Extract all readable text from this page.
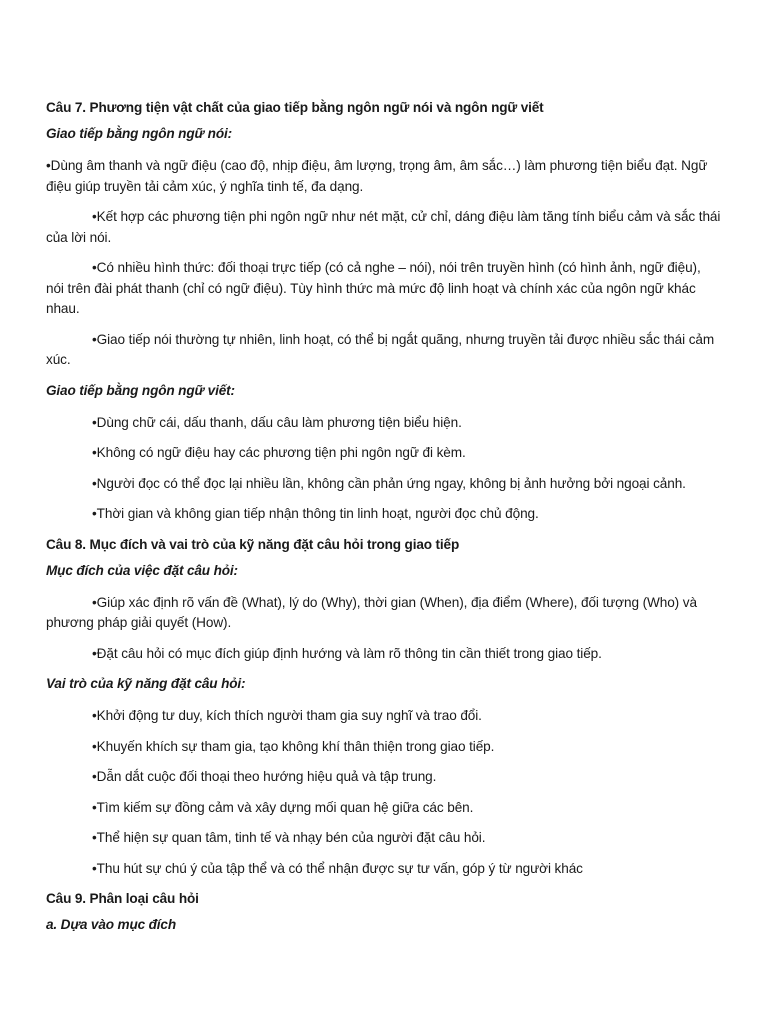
Câu 7. Phương tiện vật chất của giao tiếp bằng ngôn ngữ nói và ngôn ngữ viết

Giao tiếp bằng ngôn ngữ nói:

•Dùng âm thanh và ngữ điệu (cao độ, nhịp điệu, âm lượng, trọng âm, âm sắc…) làm phương tiện biểu đạt. Ngữ điệu giúp truyền tải cảm xúc, ý nghĩa tinh tế, đa dạng.

•Kết hợp các phương tiện phi ngôn ngữ như nét mặt, cử chỉ, dáng điệu làm tăng tính biểu cảm và sắc thái của lời nói.

•Có nhiều hình thức: đối thoại trực tiếp (có cả nghe – nói), nói trên truyền hình (có hình ảnh, ngữ điệu), nói trên đài phát thanh (chỉ có ngữ điệu). Tùy hình thức mà mức độ linh hoạt và chính xác của ngôn ngữ khác nhau.

•Giao tiếp nói thường tự nhiên, linh hoạt, có thể bị ngắt quãng, nhưng truyền tải được nhiều sắc thái cảm xúc.

Giao tiếp bằng ngôn ngữ viết:

•Dùng chữ cái, dấu thanh, dấu câu làm phương tiện biểu hiện.

•Không có ngữ điệu hay các phương tiện phi ngôn ngữ đi kèm.

•Người đọc có thể đọc lại nhiều lần, không cần phản ứng ngay, không bị ảnh hưởng bởi ngoại cảnh.

•Thời gian và không gian tiếp nhận thông tin linh hoạt, người đọc chủ động.

Câu 8. Mục đích và vai trò của kỹ năng đặt câu hỏi trong giao tiếp

Mục đích của việc đặt câu hỏi:

•Giúp xác định rõ vấn đề (What), lý do (Why), thời gian (When), địa điểm (Where), đối tượng (Who) và phương pháp giải quyết (How).

•Đặt câu hỏi có mục đích giúp định hướng và làm rõ thông tin cần thiết trong giao tiếp.

Vai trò của kỹ năng đặt câu hỏi:

•Khởi động tư duy, kích thích người tham gia suy nghĩ và trao đổi.

•Khuyến khích sự tham gia, tạo không khí thân thiện trong giao tiếp.

•Dẫn dắt cuộc đối thoại theo hướng hiệu quả và tập trung.

•Tìm kiếm sự đồng cảm và xây dựng mối quan hệ giữa các bên.

•Thể hiện sự quan tâm, tinh tế và nhạy bén của người đặt câu hỏi.

•Thu hút sự chú ý của tập thể và có thể nhận được sự tư vấn, góp ý từ người khác

Câu 9. Phân loại câu hỏi

a. Dựa vào mục đích
